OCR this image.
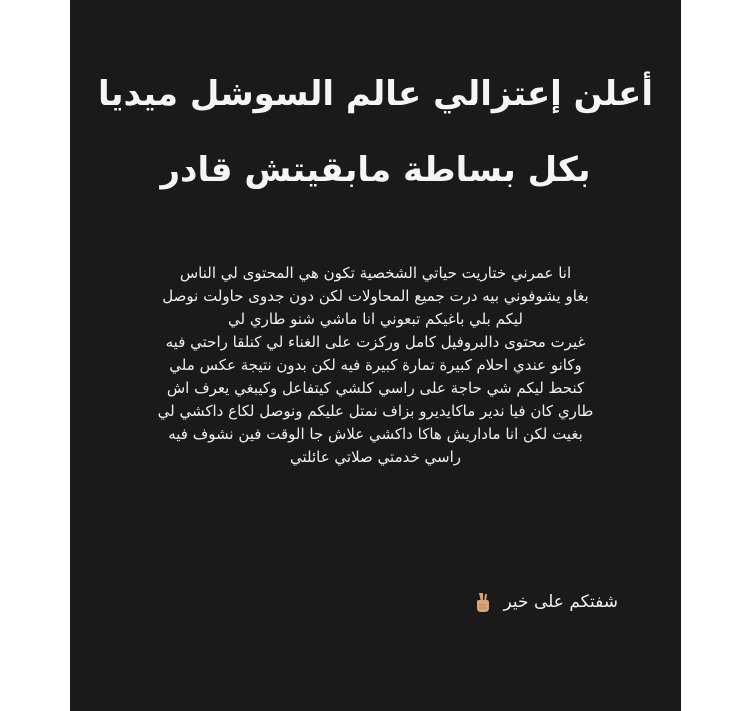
أعلن إعتزالي عالم السوشل ميديا
بكل بساطة مابقيتش قادر
انا عمرني ختاريت حياتي الشخصية تكون هي المحتوى لي الناس
بغاو يشوفوني بيه درت جميع المحاولات لكن دون جدوى حاولت نوصل
ليكم بلي باغيكم تبعوني انا ماشي شنو طاري لي
غيرت محتوى دالبروفيل كامل وركزت على الغناء لي كنلقا راحتي فيه
وكانو عندي احلام كبيرة تمارة كبيرة فيه لكن بدون نتيجة عكس ملي
كنحط ليكم شي حاجة على راسي كلشي كيتفاعل وكيبغي يعرف اش
طاري كان فيا ندير ماكايديرو بزاف نمتل عليكم ونوصل لكاع داكشي لي
بغيت لكن انا ماداريش هاكا داكشي علاش جا الوقت فين نشوف فيه
راسي خدمتي صلاتي عائلتي
شفتكم على خير
